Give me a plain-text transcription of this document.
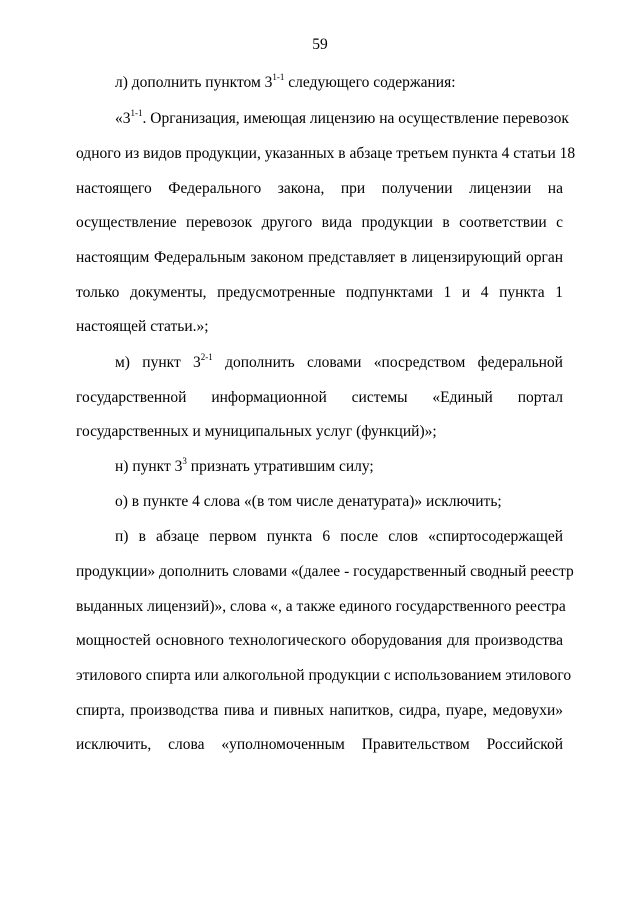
59
л) дополнить пунктом 3$^{1-1}$ следующего содержания:
«3$^{1-1}$. Организация, имеющая лицензию на осуществление перевозок
одного из видов продукции, указанных в абзаце третьем пункта 4 статьи 18
настоящего Федерального закона, при получении лицензии на
осуществление перевозок другого вида продукции в соответствии с
настоящим Федеральным законом представляет в лицензирующий орган
только документы, предусмотренные подпунктами 1 и 4 пункта 1
настоящей статьи.»;
м) пункт 3$^{2-1}$ дополнить словами «посредством федеральной
государственной информационной системы «Единый портал
государственных и муниципальных услуг (функций)»;
н) пункт $3^3$ признать утратившим силу;
о) в пункте 4 слова «(в том числе денатурата)» исключить;
п) в абзаце первом пункта 6 после слов «спиртосодержащей
продукции» дополнить словами «(далее - государственный сводный реестр
выданных лицензий)», слова «, а также единого государственного реестра
мощностей основного технологического оборудования для производства
этилового спирта или алкогольной продукции с использованием этилового
спирта, производства пива и пивных напитков, сидра, пуаре, медовухи»
исключить, слова «уполномоченным Правительством Российской
